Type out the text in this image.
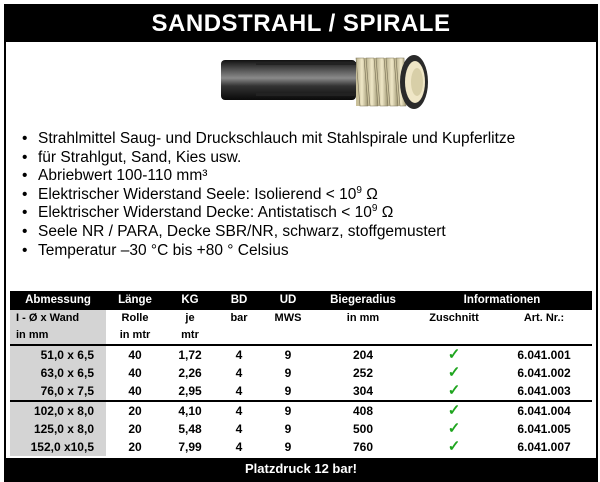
SANDSTRAHL / SPIRALE
• Strahlmittel Saug- und Druckschlauch mit Stahlspirale und Kupferlitze
• für Strahlgut, Sand, Kies usw.
• Abriebwert 100-110 mm³
• Elektrischer Widerstand Seele: Isolierend < $10^9$ Ω
• Elektrischer Widerstand Decke: Antistatisch < $10^9$ Ω
• Seele NR / PARA, Decke SBR/NR, schwarz, stoffgemustert
• Temperatur –30 °C bis +80 ° Celsius
Abmessung	Länge	KG	BD	UD	Biegeradius	Informationen	
I - Ø x Wand	Rolle	je	bar	MWS	in mm	Zuschnitt	Art. Nr.:
in mm	in mtr	mtr					
51,0 x 6,5	40	1,72	4	9	204	✓	6.041.001
63,0 x 6,5	40	2,26	4	9	252	✓	6.041.002
76,0 x 7,5	40	2,95	4	9	304	✓	6.041.003
102,0 x 8,0	20	4,10	4	9	408	✓	6.041.004
125,0 x 8,0	20	5,48	4	9	500	✓	6.041.005
152,0 x10,5	20	7,99	4	9	760	✓	6.041.007
Platzdruck 12 bar!
